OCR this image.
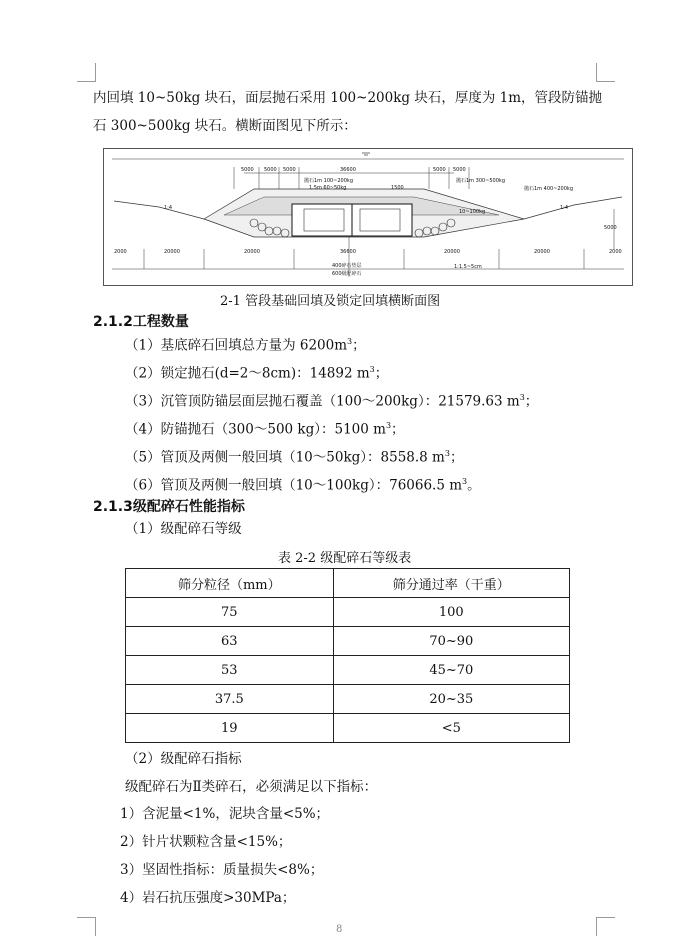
内回填 10~50kg 块石，面层抛石采用 100~200kg 块石，厚度为 1m，管段防锚抛
石 300~500kg 块石。横断面图见下所示：
36600
5000 5000 5000	5000 5000
抛石1m 100~200kg
1.5m 60~50kg
抛石1m 300~500kg
抛石1m 400~200kg
10~100kg
1500
5000
1:4	1:4
36600
2000	20000	20000	20000	20000	2000
400碎石垫层
600级配碎石
1:1.5~5cm
2-1 管段基础回填及锁定回填横断面图
2.1.2工程数量
（1）基底碎石回填总方量为 $6200m^3$；
（2）锁定抛石(d=2～8cm)：14892 $m^3$；
（3）沉管顶防锚层面层抛石覆盖（100～200kg）：21579.63 $m^3$；
（4）防锚抛石（300～500 kg）：5100 $m^3$；
（5）管顶及两侧一般回填（10～50kg）：8558.8 $m^3$；
（6）管顶及两侧一般回填（10～100kg）：76066.5 $m^3$。
2.1.3级配碎石性能指标
（1）级配碎石等级
表 2-2 级配碎石等级表
筛分粒径（mm）	筛分通过率（干重）
75	100
63	70~90
53	45~70
37.5	20~35
19	<5
（2）级配碎石指标
级配碎石为Ⅱ类碎石，必须满足以下指标：
1）含泥量<1%，泥块含量<5%；
2）针片状颗粒含量<15%；
3）坚固性指标：质量损失<8%；
4）岩石抗压强度>30MPa；
8
